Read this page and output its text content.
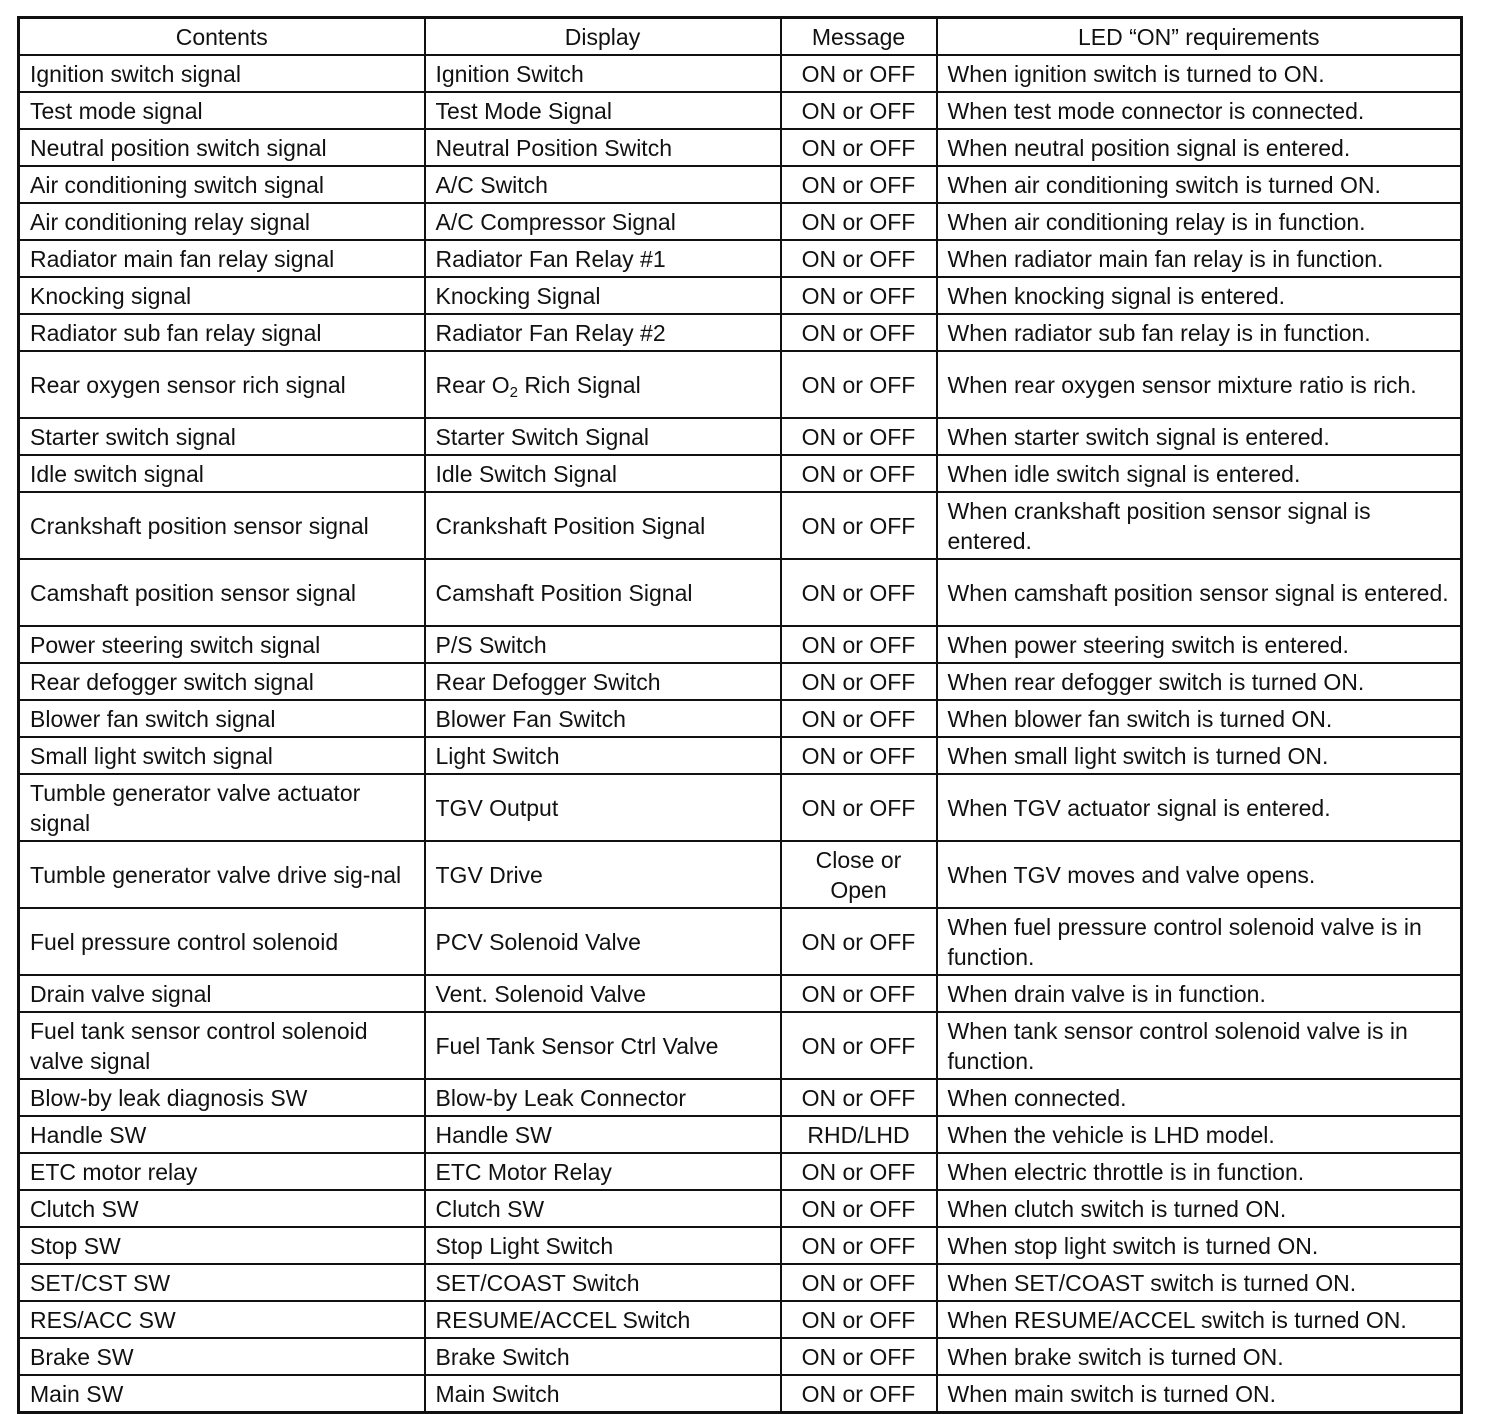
Contents	Display	Message	LED “ON” requirements
Ignition switch signal	Ignition Switch	ON or OFF	When ignition switch is turned to ON.
Test mode signal	Test Mode Signal	ON or OFF	When test mode connector is connected.
Neutral position switch signal	Neutral Position Switch	ON or OFF	When neutral position signal is entered.
Air conditioning switch signal	A/C Switch	ON or OFF	When air conditioning switch is turned ON.
Air conditioning relay signal	A/C Compressor Signal	ON or OFF	When air conditioning relay is in function.
Radiator main fan relay signal	Radiator Fan Relay #1	ON or OFF	When radiator main fan relay is in function.
Knocking signal	Knocking Signal	ON or OFF	When knocking signal is entered.
Radiator sub fan relay signal	Radiator Fan Relay #2	ON or OFF	When radiator sub fan relay is in function.
Rear oxygen sensor rich signal	Rear $O_2$ Rich Signal	ON or OFF	When rear oxygen sensor mixture ratio is rich.
Starter switch signal	Starter Switch Signal	ON or OFF	When starter switch signal is entered.
Idle switch signal	Idle Switch Signal	ON or OFF	When idle switch signal is entered.
Crankshaft position sensor signal	Crankshaft Position Signal	ON or OFF	When crankshaft position sensor signal is entered.
Camshaft position sensor signal	Camshaft Position Signal	ON or OFF	When camshaft position sensor signal is entered.
Power steering switch signal	P/S Switch	ON or OFF	When power steering switch is entered.
Rear defogger switch signal	Rear Defogger Switch	ON or OFF	When rear defogger switch is turned ON.
Blower fan switch signal	Blower Fan Switch	ON or OFF	When blower fan switch is turned ON.
Small light switch signal	Light Switch	ON or OFF	When small light switch is turned ON.
Tumble generator valve actuator signal	TGV Output	ON or OFF	When TGV actuator signal is entered.
Tumble generator valve drive sig-nal	TGV Drive	Close or Open	When TGV moves and valve opens.
Fuel pressure control solenoid	PCV Solenoid Valve	ON or OFF	When fuel pressure control solenoid valve is in function.
Drain valve signal	Vent. Solenoid Valve	ON or OFF	When drain valve is in function.
Fuel tank sensor control solenoid valve signal	Fuel Tank Sensor Ctrl Valve	ON or OFF	When tank sensor control solenoid valve is in function.
Blow-by leak diagnosis SW	Blow-by Leak Connector	ON or OFF	When connected.
Handle SW	Handle SW	RHD/LHD	When the vehicle is LHD model.
ETC motor relay	ETC Motor Relay	ON or OFF	When electric throttle is in function.
Clutch SW	Clutch SW	ON or OFF	When clutch switch is turned ON.
Stop SW	Stop Light Switch	ON or OFF	When stop light switch is turned ON.
SET/CST SW	SET/COAST Switch	ON or OFF	When SET/COAST switch is turned ON.
RES/ACC SW	RESUME/ACCEL Switch	ON or OFF	When RESUME/ACCEL switch is turned ON.
Brake SW	Brake Switch	ON or OFF	When brake switch is turned ON.
Main SW	Main Switch	ON or OFF	When main switch is turned ON.
